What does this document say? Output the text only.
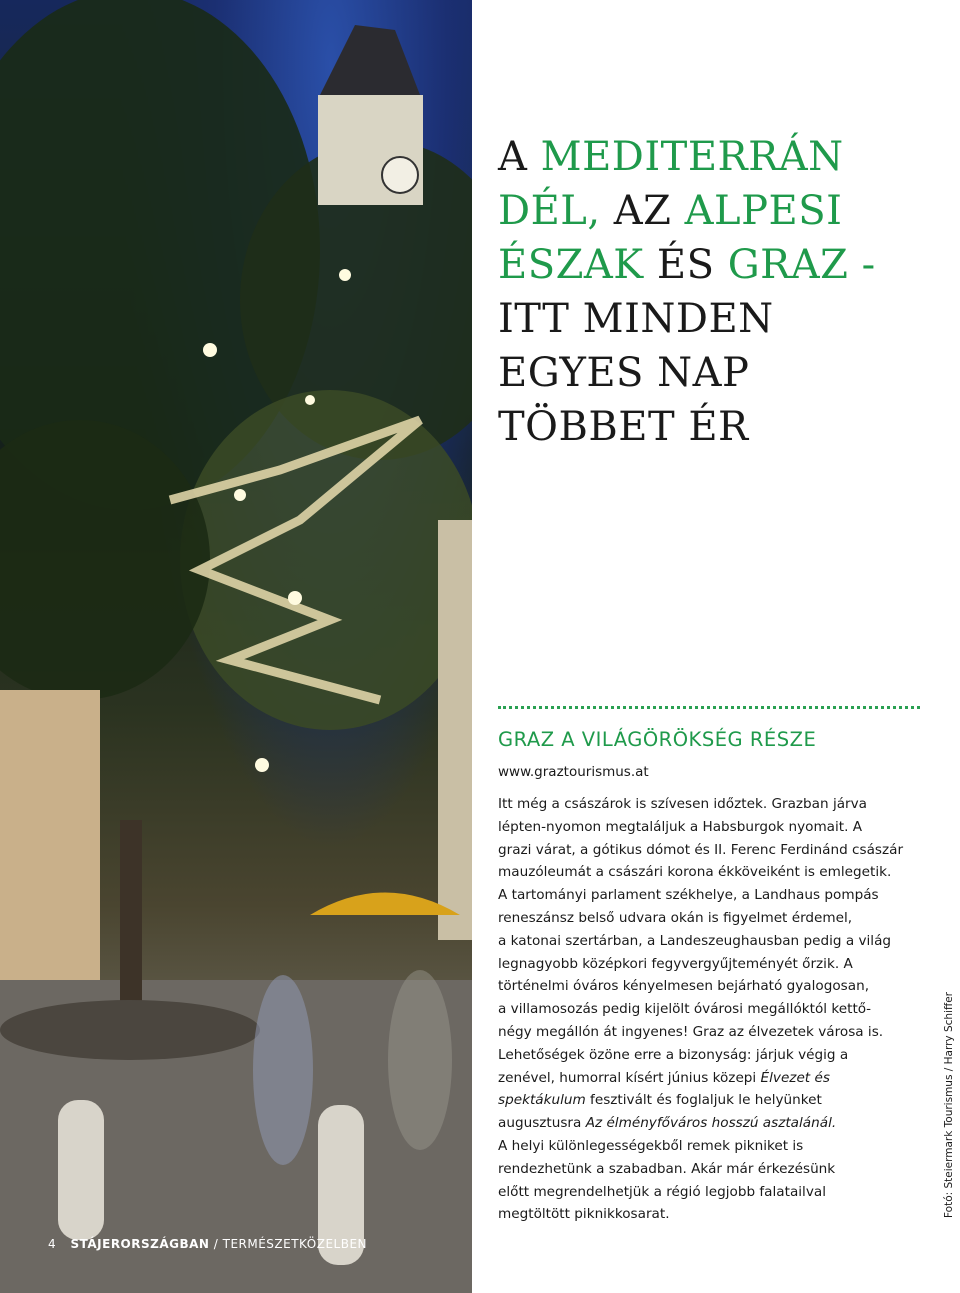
4 STÁJERORSZÁGBAN / TERMÉSZETKÖZELBEN
A MEDITERRÁN
DÉL, AZ ALPESI
ÉSZAK ÉS GRAZ -
ITT MINDEN
EGYES NAP
TÖBBET ÉR
GRAZ A VILÁGÖRÖKSÉG RÉSZE
www.graztourismus.at
Itt még a császárok is szívesen időztek. Grazban járva
lépten-nyomon megtaláljuk a Habsburgok nyomait. A
grazi várat, a gótikus dómot és II. Ferenc Ferdinánd császár
mauzóleumát a császári korona ékköveiként is emlegetik.
A tartományi parlament székhelye, a Landhaus pompás
reneszánsz belső udvara okán is figyelmet érdemel,
a katonai szertárban, a Landeszeughausban pedig a világ
legnagyobb középkori fegyvergyűjteményét őrzik. A
történelmi óváros kényelmesen bejárható gyalogosan,
a villamosozás pedig kijelölt óvárosi megállóktól kettő-
négy megállón át ingyenes! Graz az élvezetek városa is.
Lehetőségek özöne erre a bizonyság: járjuk végig a
zenével, humorral kísért június közepi Élvezet és
spektákulum fesztivált és foglaljuk le helyünket
augusztusra Az élményfőváros hosszú asztalánál.
A helyi különlegességekből remek pikniket is
rendezhetünk a szabadban. Akár már érkezésünk
előtt megrendelhetjük a régió legjobb falatailval
megtöltött piknikkosarat.	Fotó: Steiermark Tourismus / Harry Schiffer
